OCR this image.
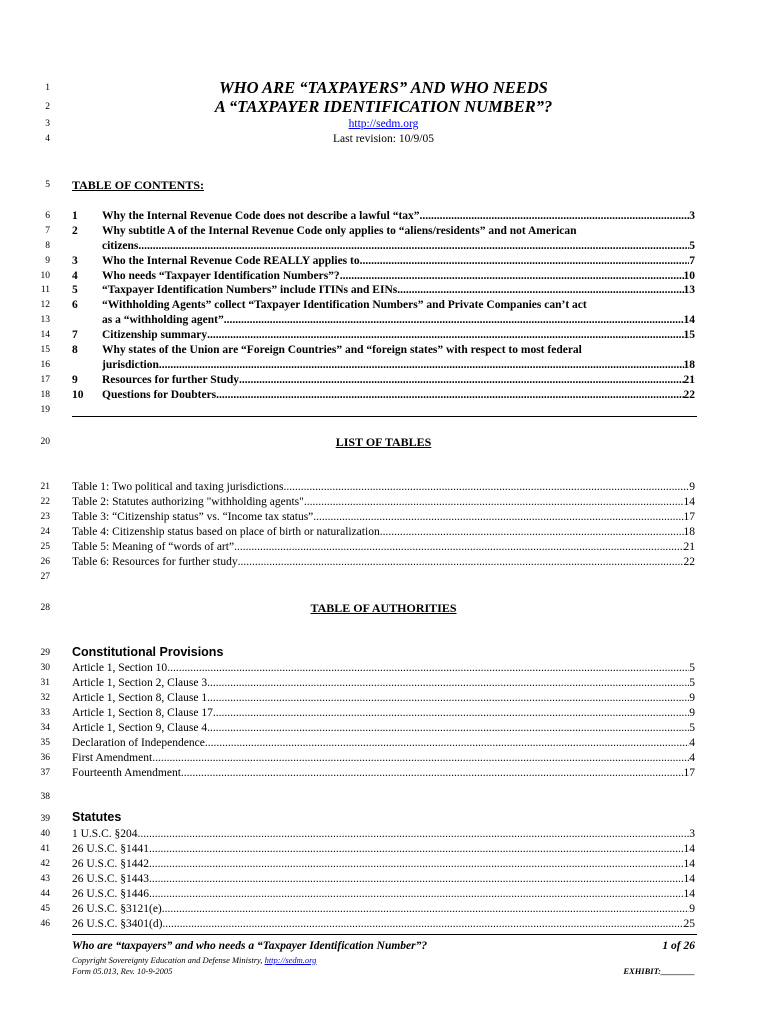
1
2
3
4
5
6
7
8
9
10
11
12
13
14
15
16
17
18
19
20
21
22
23
24
25
26
27
28
29
30
31
32
33
34
35
36
37
38
39
40
41
42
43
44
45
46
WHO ARE “TAXPAYERS” AND WHO NEEDS
A “TAXPAYER IDENTIFICATION NUMBER”?
http://sedm.org
Last revision: 10/9/05
TABLE OF CONTENTS:
1	Why the Internal Revenue Code does not describe a lawful “tax” .....	3
2	Why subtitle A of the Internal Revenue Code only applies to “aliens/residents” and not American
citizens .....	5
3	Who the Internal Revenue Code REALLY applies to .....	7
4	Who needs “Taxpayer Identification Numbers”? .....	10
5	“Taxpayer Identification Numbers” include ITINs and EINs .....	13
6	“Withholding Agents” collect “Taxpayer Identification Numbers” and Private Companies can’t act
as a “withholding agent” .....	14
7	Citizenship summary .....	15
8	Why states of the Union are “Foreign Countries” and “foreign states” with respect to most federal
jurisdiction .....	18
9	Resources for further Study .....	21
10	Questions for Doubters .....	22
LIST OF TABLES
Table 1: Two political and taxing jurisdictions .....	9
Table 2: Statutes authorizing "withholding agents" .....	14
Table 3: “Citizenship status” vs. “Income tax status” .....	17
Table 4: Citizenship status based on place of birth or naturalization .....	18
Table 5: Meaning of “words of art” .....	21
Table 6: Resources for further study .....	22
TABLE OF AUTHORITIES
Constitutional Provisions
Article 1, Section 10 .....	5
Article 1, Section 2, Clause 3 .....	5
Article 1, Section 8, Clause 1 .....	9
Article 1, Section 8, Clause 17 .....	9
Article 1, Section 9, Clause 4 .....	5
Declaration of Independence .....	4
First Amendment .....	4
Fourteenth Amendment .....	17
Statutes
1 U.S.C. §204 .....	3
26 U.S.C. §1441 .....	14
26 U.S.C. §1442 .....	14
26 U.S.C. §1443 .....	14
26 U.S.C. §1446 .....	14
26 U.S.C. §3121(e) .....	9
26 U.S.C. §3401(d) .....	25
Who are “taxpayers” and who needs a “Taxpayer Identification Number”?	1 of 26
Copyright Sovereignty Education and Defense Ministry, http://sedm.org
Form 05.013, Rev. 10-9-2005	EXHIBIT:________
